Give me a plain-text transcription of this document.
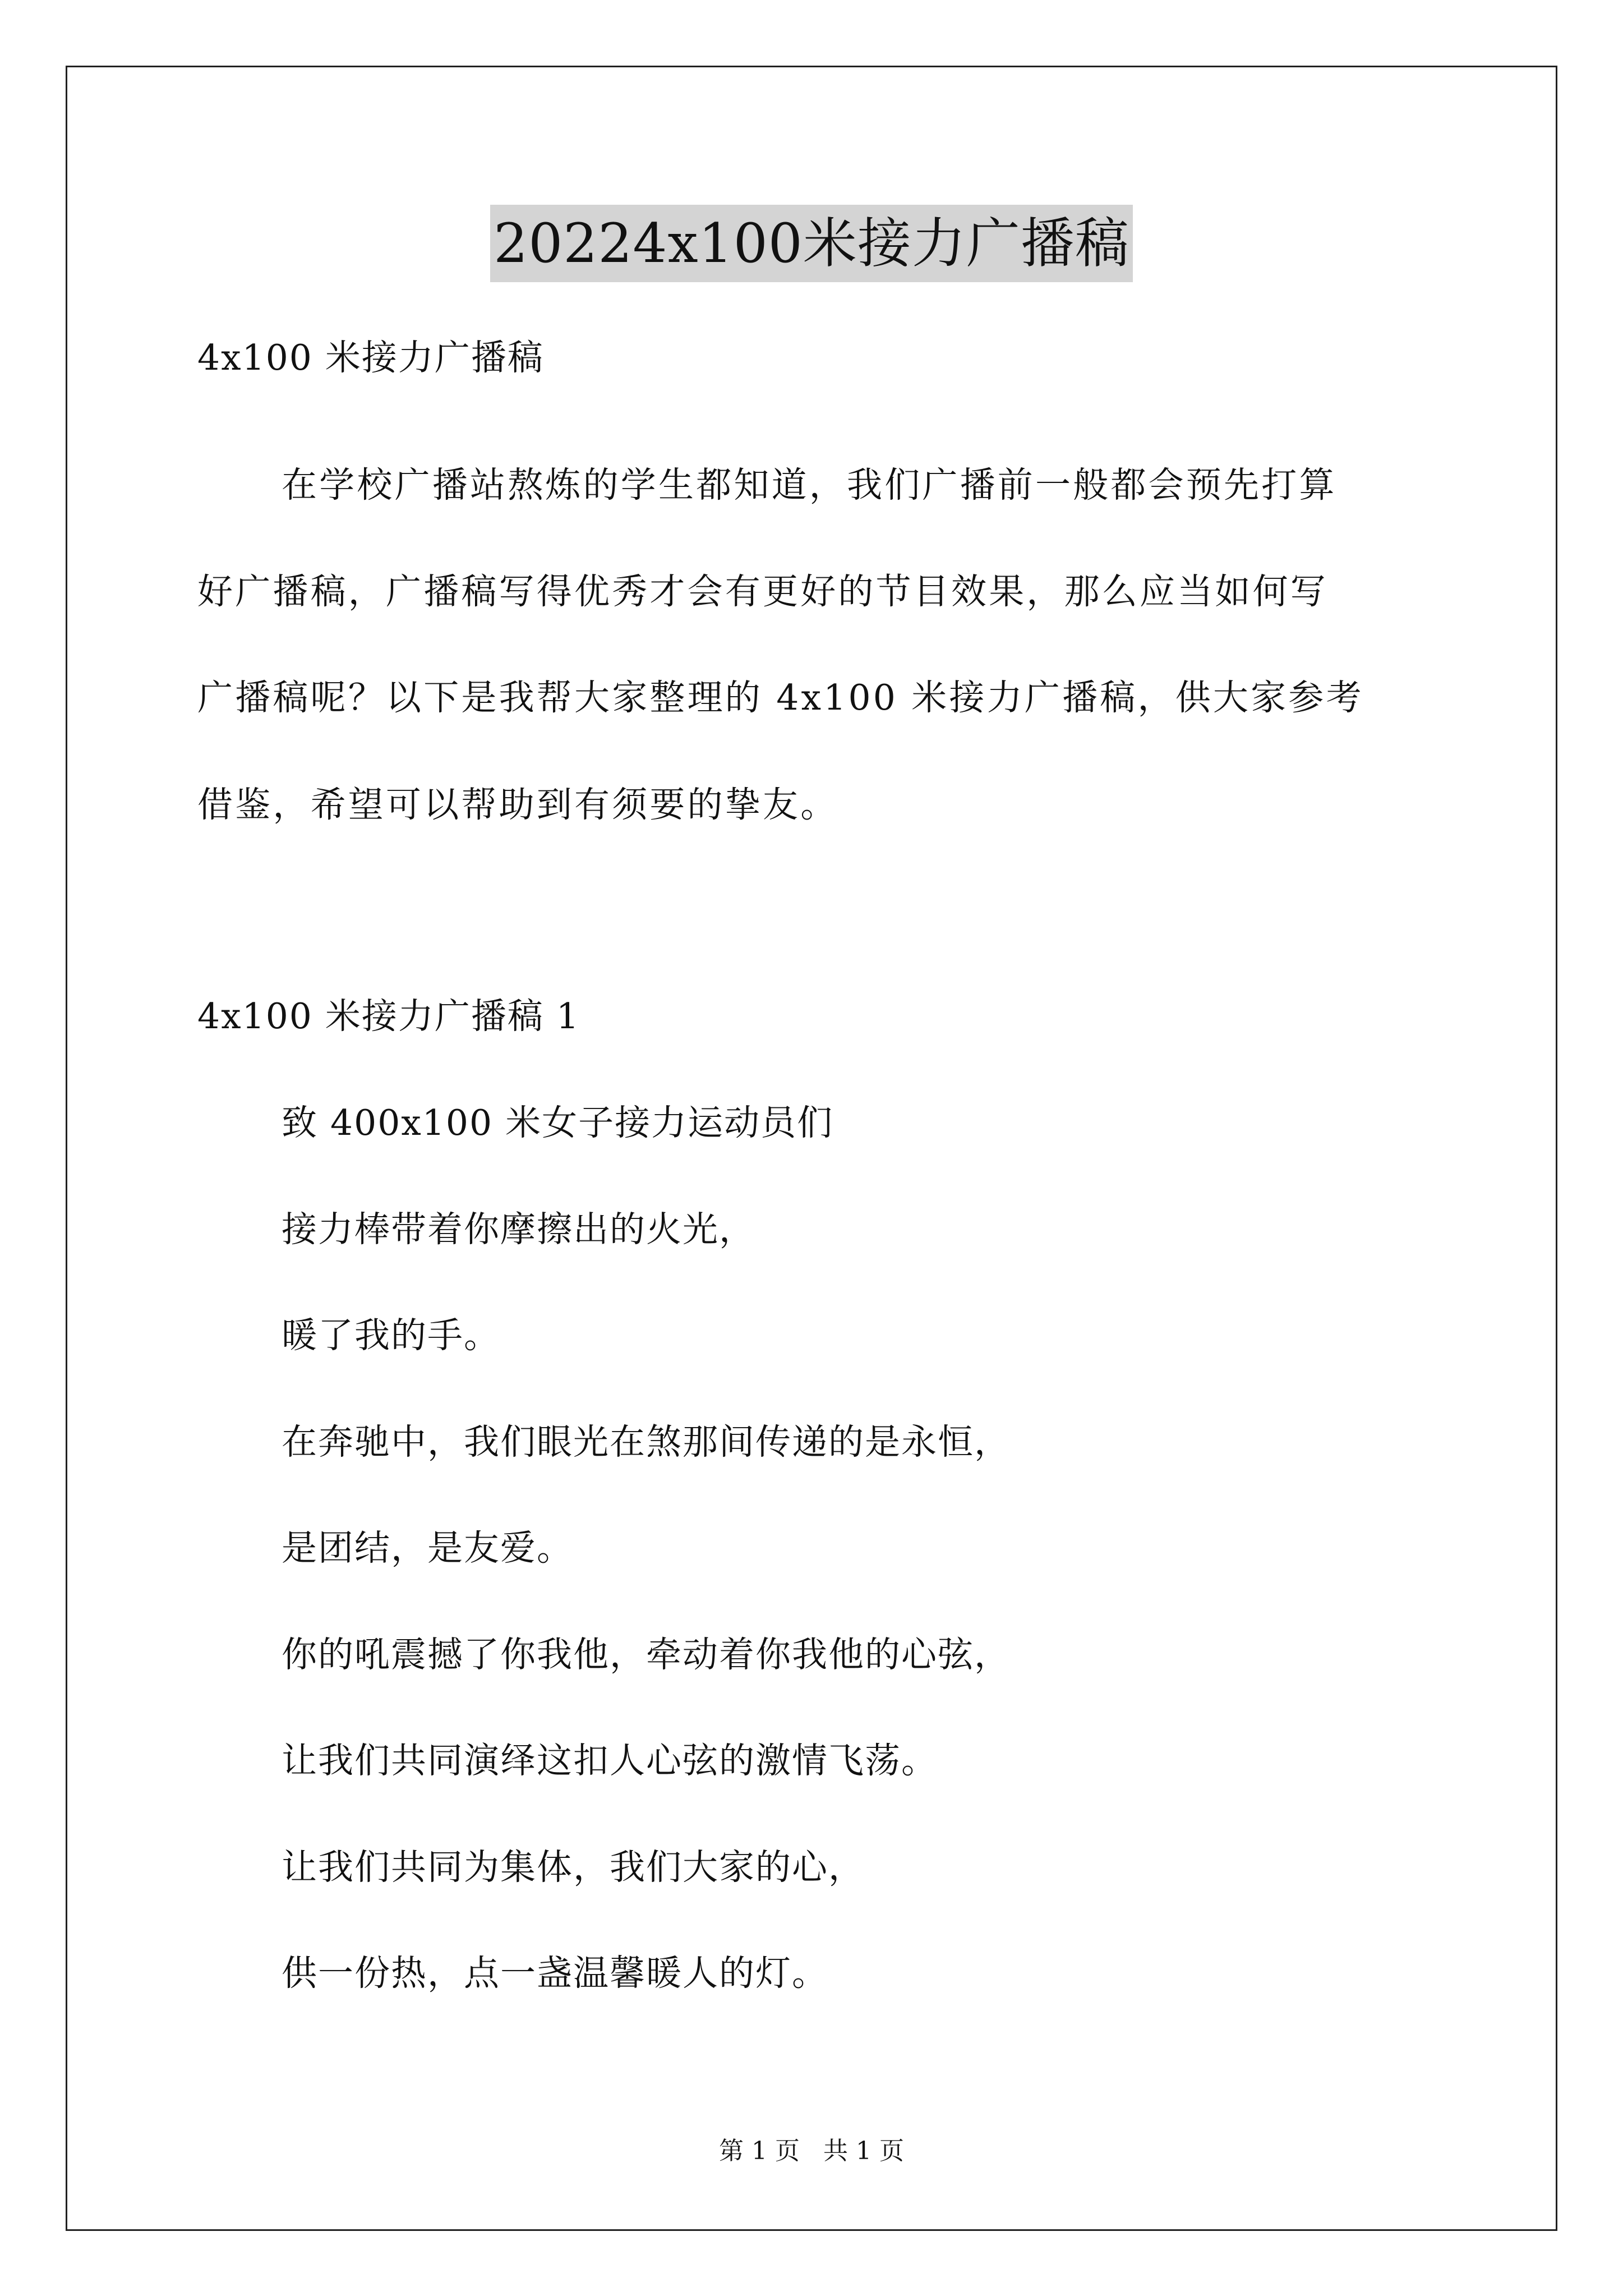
20224x100米接力广播稿
4x100 米接力广播稿
在学校广播站熬炼的学生都知道，我们广播前一般都会预先打算
好广播稿，广播稿写得优秀才会有更好的节目效果，那么应当如何写
广播稿呢？以下是我帮大家整理的 4x100 米接力广播稿，供大家参考
借鉴，希望可以帮助到有须要的挚友。
4x100 米接力广播稿 1
致 400x100 米女子接力运动员们
接力棒带着你摩擦出的火光，
暖了我的手。
在奔驰中，我们眼光在煞那间传递的是永恒，
是团结，是友爱。
你的吼震撼了你我他，牵动着你我他的心弦，
让我们共同演绎这扣人心弦的激情飞荡。
让我们共同为集体，我们大家的心，
供一份热，点一盏温馨暖人的灯。
第 1 页   共 1 页
